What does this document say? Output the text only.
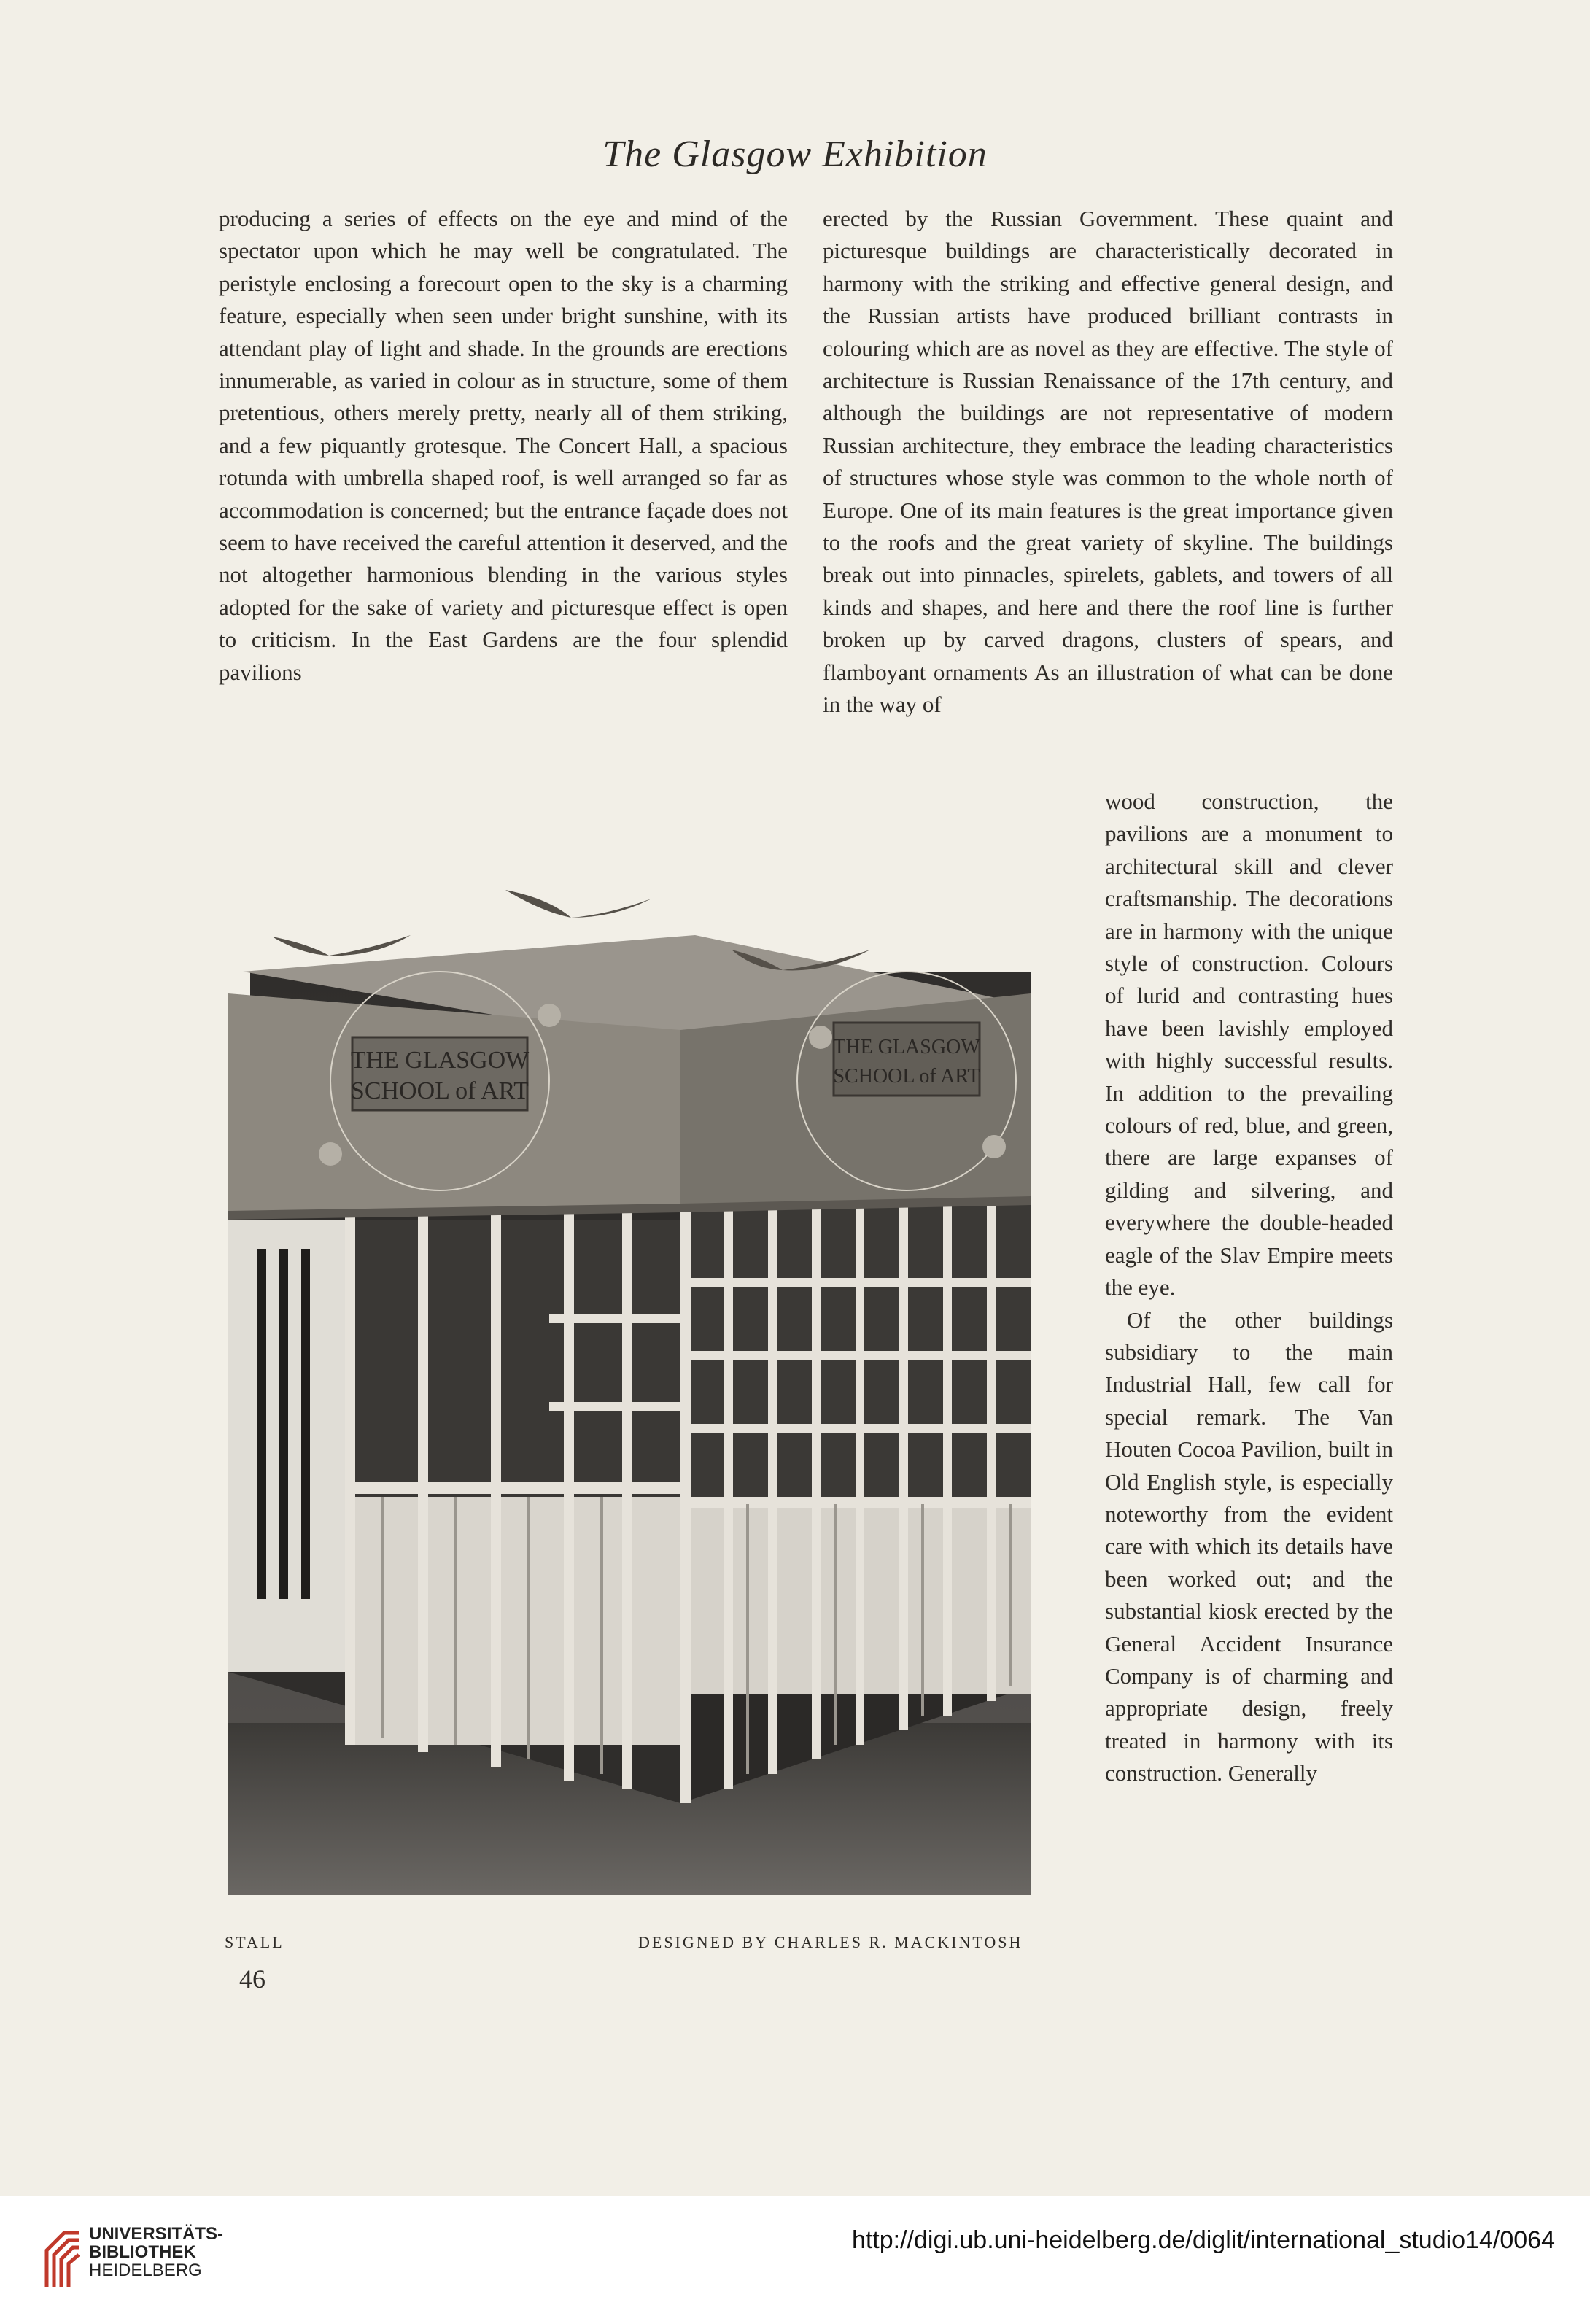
The Glasgow Exhibition

producing a series of effects on the eye and mind of the spectator upon which he may well be congratulated. The peristyle enclosing a forecourt open to the sky is a charming feature, especially when seen under bright sunshine, with its attendant play of light and shade. In the grounds are erections innumerable, as varied in colour as in structure, some of them pretentious, others merely pretty, nearly all of them striking, and a few piquantly grotesque. The Concert Hall, a spacious rotunda with umbrella shaped roof, is well arranged so far as accommodation is concerned; but the entrance façade does not seem to have received the careful attention it deserved, and the not altogether harmonious blending in the various styles adopted for the sake of variety and picturesque effect is open to criticism. In the East Gardens are the four splendid pavilions

erected by the Russian Government. These quaint and picturesque buildings are characteristically decorated in harmony with the striking and effective general design, and the Russian artists have produced brilliant contrasts in colouring which are as novel as they are effective. The style of architecture is Russian Renaissance of the 17th century, and although the buildings are not representative of modern Russian architecture, they embrace the leading characteristics of structures whose style was common to the whole north of Europe. One of its main features is the great importance given to the roofs and the great variety of skyline. The buildings break out into pinnacles, spirelets, gablets, and towers of all kinds and shapes, and here and there the roof line is further broken up by carved dragons, clusters of spears, and flamboyant ornaments As an illustration of what can be done in the way of

wood construction, the pavilions are a monument to architectural skill and clever craftsmanship. The decorations are in harmony with the unique style of construction. Colours of lurid and contrasting hues have been lavishly employed with highly successful results. In addition to the prevailing colours of red, blue, and green, there are large expanses of gilding and silvering, and everywhere the double-headed eagle of the Slav Empire meets the eye.

Of the other buildings subsidiary to the main Industrial Hall, few call for special remark. The Van Houten Cocoa Pavilion, built in Old English style, is especially noteworthy from the evident care with which its details have been worked out; and the substantial kiosk erected by the General Accident Insurance Company is of charming and appropriate design, freely treated in harmony with its construction. Generally

THE GLASGOW
SCHOOL of ART
THE GLASGOW
SCHOOL of ART
STALL	DESIGNED BY CHARLES R. MACKINTOSH
46
UNIVERSITÄTS-
BIBLIOTHEK
HEIDELBERG
http://digi.ub.uni-heidelberg.de/diglit/international_studio14/0064
